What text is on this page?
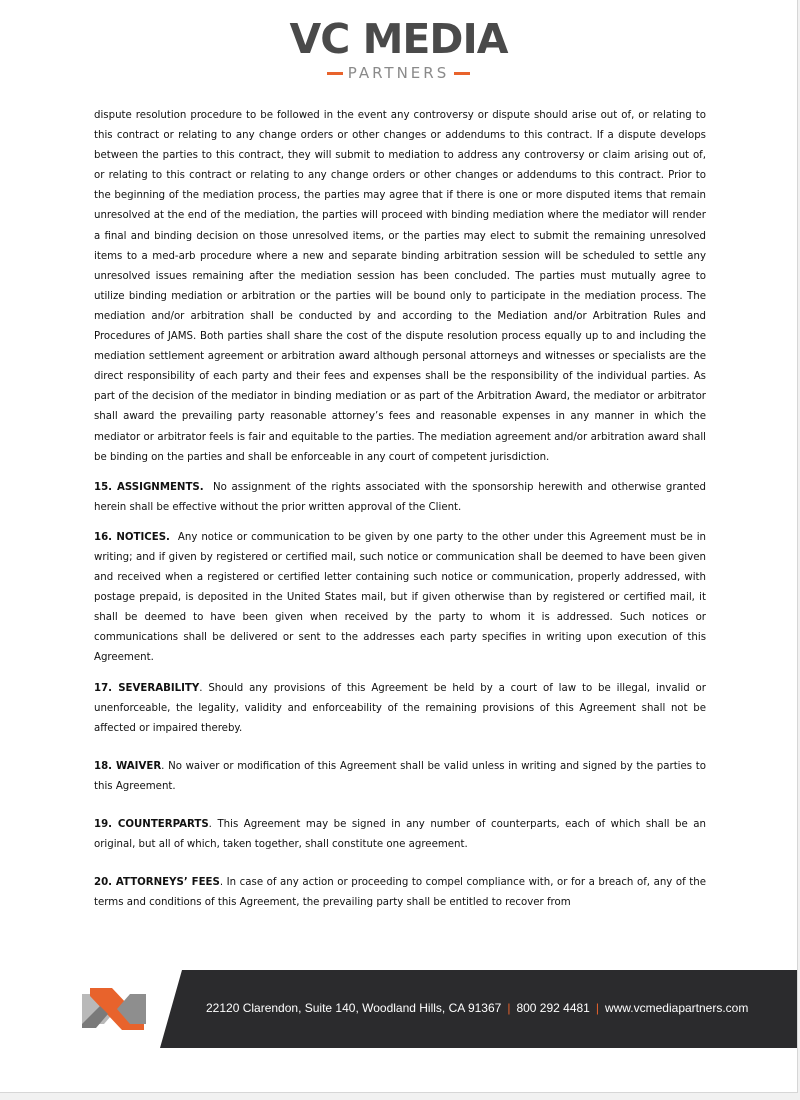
VC MEDIA
PARTNERS

dispute resolution procedure to be followed in the event any controversy or dispute should arise out of, or relating to this contract or relating to any change orders or other changes or addendums to this contract. If a dispute develops between the parties to this contract, they will submit to mediation to address any controversy or claim arising out of, or relating to this contract or relating to any change orders or other changes or addendums to this contract. Prior to the beginning of the mediation process, the parties may agree that if there is one or more disputed items that remain unresolved at the end of the mediation, the parties will proceed with binding mediation where the mediator will render a final and binding decision on those unresolved items, or the parties may elect to submit the remaining unresolved items to a med-arb procedure where a new and separate binding arbitration session will be scheduled to settle any unresolved issues remaining after the mediation session has been concluded. The parties must mutually agree to utilize binding mediation or arbitration or the parties will be bound only to participate in the mediation process. The mediation and/or arbitration shall be conducted by and according to the Mediation and/or Arbitration Rules and Procedures of JAMS. Both parties shall share the cost of the dispute resolution process equally up to and including the mediation settlement agreement or arbitration award although personal attorneys and witnesses or specialists are the direct responsibility of each party and their fees and expenses shall be the responsibility of the individual parties. As part of the decision of the mediator in binding mediation or as part of the Arbitration Award, the mediator or arbitrator shall award the prevailing party reasonable attorney’s fees and reasonable expenses in any manner in which the mediator or arbitrator feels is fair and equitable to the parties. The mediation agreement and/or arbitration award shall be binding on the parties and shall be enforceable in any court of competent jurisdiction.

15. ASSIGNMENTS. No assignment of the rights associated with the sponsorship herewith and otherwise granted herein shall be effective without the prior written approval of the Client.

16. NOTICES. Any notice or communication to be given by one party to the other under this Agreement must be in writing; and if given by registered or certified mail, such notice or communication shall be deemed to have been given and received when a registered or certified letter containing such notice or communication, properly addressed, with postage prepaid, is deposited in the United States mail, but if given otherwise than by registered or certified mail, it shall be deemed to have been given when received by the party to whom it is addressed. Such notices or communications shall be delivered or sent to the addresses each party specifies in writing upon execution of this Agreement.

17. SEVERABILITY. Should any provisions of this Agreement be held by a court of law to be illegal, invalid or unenforceable, the legality, validity and enforceability of the remaining provisions of this Agreement shall not be affected or impaired thereby.

18. WAIVER. No waiver or modification of this Agreement shall be valid unless in writing and signed by the parties to this Agreement.

19. COUNTERPARTS. This Agreement may be signed in any number of counterparts, each of which shall be an original, but all of which, taken together, shall constitute one agreement.

20. ATTORNEYS’ FEES. In case of any action or proceeding to compel compliance with, or for a breach of, any of the terms and conditions of this Agreement, the prevailing party shall be entitled to recover from

22120 Clarendon, Suite 140, Woodland Hills, CA 91367 | 800 292 4481 | www.vcmediapartners.com
